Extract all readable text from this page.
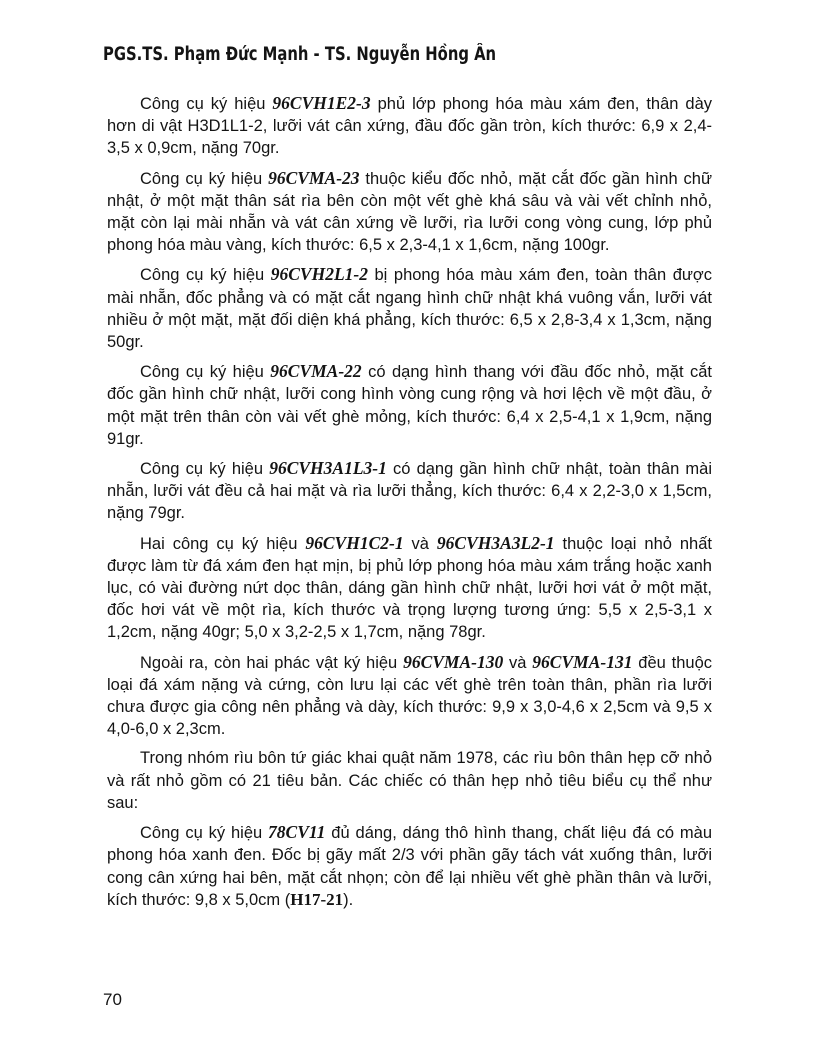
PGS.TS. Phạm Đức Mạnh - TS. Nguyễn Hồng Ân

Công cụ ký hiệu 96CVH1E2-3 phủ lớp phong hóa màu xám đen, thân dày hơn di vật H3D1L1-2, lưỡi vát cân xứng, đầu đốc gần tròn, kích thước: 6,9 x 2,4-3,5 x 0,9cm, nặng 70gr.

Công cụ ký hiệu 96CVMA-23 thuộc kiểu đốc nhỏ, mặt cắt đốc gần hình chữ nhật, ở một mặt thân sát rìa bên còn một vết ghè khá sâu và vài vết chỉnh nhỏ, mặt còn lại mài nhẵn và vát cân xứng về lưỡi, rìa lưỡi cong vòng cung, lớp phủ phong hóa màu vàng, kích thước: 6,5 x 2,3-4,1 x 1,6cm, nặng 100gr.

Công cụ ký hiệu 96CVH2L1-2 bị phong hóa màu xám đen, toàn thân được mài nhẵn, đốc phẳng và có mặt cắt ngang hình chữ nhật khá vuông vắn, lưỡi vát nhiều ở một mặt, mặt đối diện khá phẳng, kích thước: 6,5 x 2,8-3,4 x 1,3cm, nặng 50gr.

Công cụ ký hiệu 96CVMA-22 có dạng hình thang với đầu đốc nhỏ, mặt cắt đốc gần hình chữ nhật, lưỡi cong hình vòng cung rộng và hơi lệch về một đầu, ở một mặt trên thân còn vài vết ghè mỏng, kích thước: 6,4 x 2,5-4,1 x 1,9cm, nặng 91gr.

Công cụ ký hiệu 96CVH3A1L3-1 có dạng gần hình chữ nhật, toàn thân mài nhẵn, lưỡi vát đều cả hai mặt và rìa lưỡi thẳng, kích thước: 6,4 x 2,2-3,0 x 1,5cm, nặng 79gr.

Hai công cụ ký hiệu 96CVH1C2-1 và 96CVH3A3L2-1 thuộc loại nhỏ nhất được làm từ đá xám đen hạt mịn, bị phủ lớp phong hóa màu xám trắng hoặc xanh lục, có vài đường nứt dọc thân, dáng gần hình chữ nhật, lưỡi hơi vát ở một mặt, đốc hơi vát về một rìa, kích thước và trọng lượng tương ứng: 5,5 x 2,5-3,1 x 1,2cm, nặng 40gr; 5,0 x 3,2-2,5 x 1,7cm, nặng 78gr.

Ngoài ra, còn hai phác vật ký hiệu 96CVMA-130 và 96CVMA-131 đều thuộc loại đá xám nặng và cứng, còn lưu lại các vết ghè trên toàn thân, phần rìa lưỡi chưa được gia công nên phẳng và dày, kích thước: 9,9 x 3,0-4,6 x 2,5cm và 9,5 x 4,0-6,0 x 2,3cm.

Trong nhóm rìu bôn tứ giác khai quật năm 1978, các rìu bôn thân hẹp cỡ nhỏ và rất nhỏ gồm có 21 tiêu bản. Các chiếc có thân hẹp nhỏ tiêu biểu cụ thể như sau:

Công cụ ký hiệu 78CV11 đủ dáng, dáng thô hình thang, chất liệu đá có màu phong hóa xanh đen. Đốc bị gãy mất 2/3 với phần gãy tách vát xuống thân, lưỡi cong cân xứng hai bên, mặt cắt nhọn; còn để lại nhiều vết ghè phần thân và lưỡi, kích thước: 9,8 x 5,0cm (H17-21).

70
